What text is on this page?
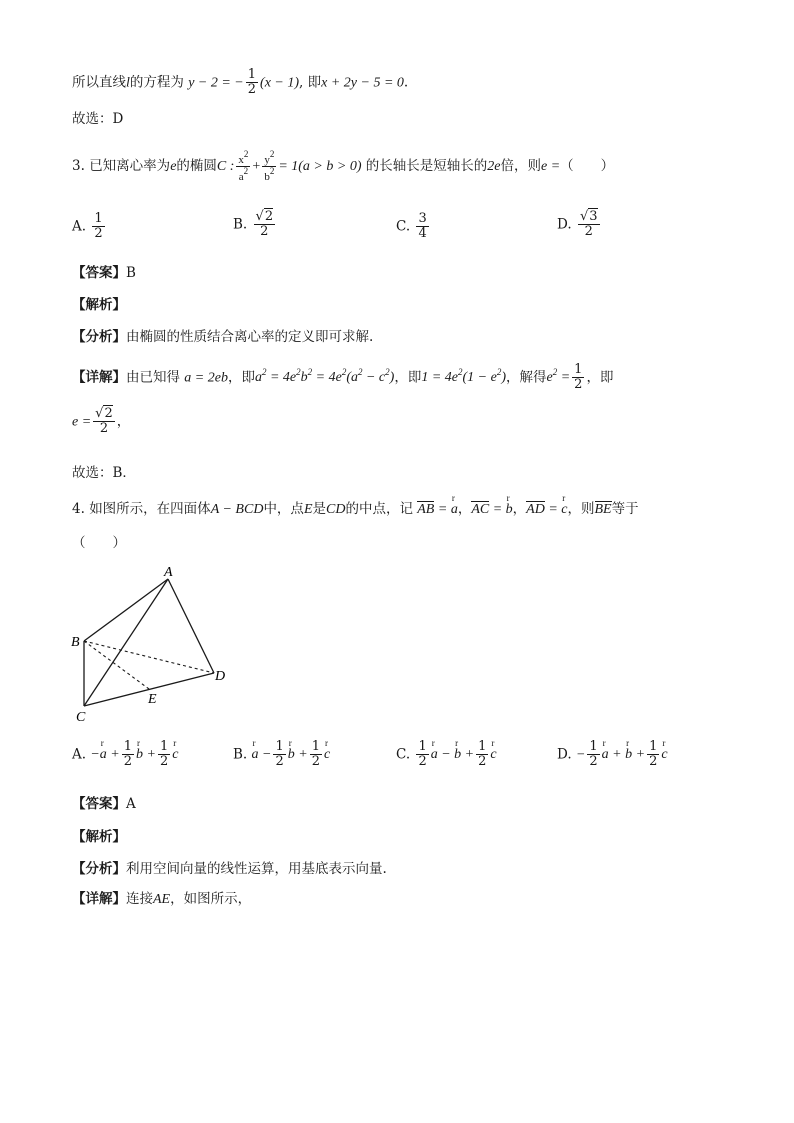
所以直线l的方程为 y − 2 = − $\frac{1}{2} (x - 1)$, 即x + 2y − 5 = 0.
故选：D
3. 已知离心率为e的椭圆C : $\frac{x^2}{a^2} + \frac{y^2}{b^2} = 1(a > b > 0)$ 的长轴长是短轴长的2e倍，则e =（　　）
A. $\frac{1}{2}$	B. $\frac{√2}{2}$	C. $\frac{3}{4}$	D. $\frac{√3}{2}$
【答案】B
【解析】
【分析】由椭圆的性质结合离心率的定义即可求解.
【详解】由已知得 a = 2eb，即$a^2 = 4e^2b^2 = 4e^2(a^2 - c^2)$，即$1 = 4e^2(1 - e^2)$，解得$e^2 = \frac{1}{2}$ ，即
$e = \frac{√2}{2}$ ，
故选：B．
4. 如图所示，在四面体A − BCD中，点E是CD的中点，记 AB = a r，AC = b r，AD = c r，则BE等于
（　　）
A
B
C
D
E
A. −a $r + \frac{1}{2}$ b $r + \frac{1}{2}$ c r	B. a $r - \frac{1}{2}$ b $r + \frac{1}{2}$ c r	C. $\frac{1}{2}$ a r − b $r + \frac{1}{2}$ c r	D. − $\frac{1}{2}$ a r + b $r + \frac{1}{2}$ c r
【答案】A
【解析】
【分析】利用空间向量的线性运算，用基底表示向量.
【详解】连接AE，如图所示，
